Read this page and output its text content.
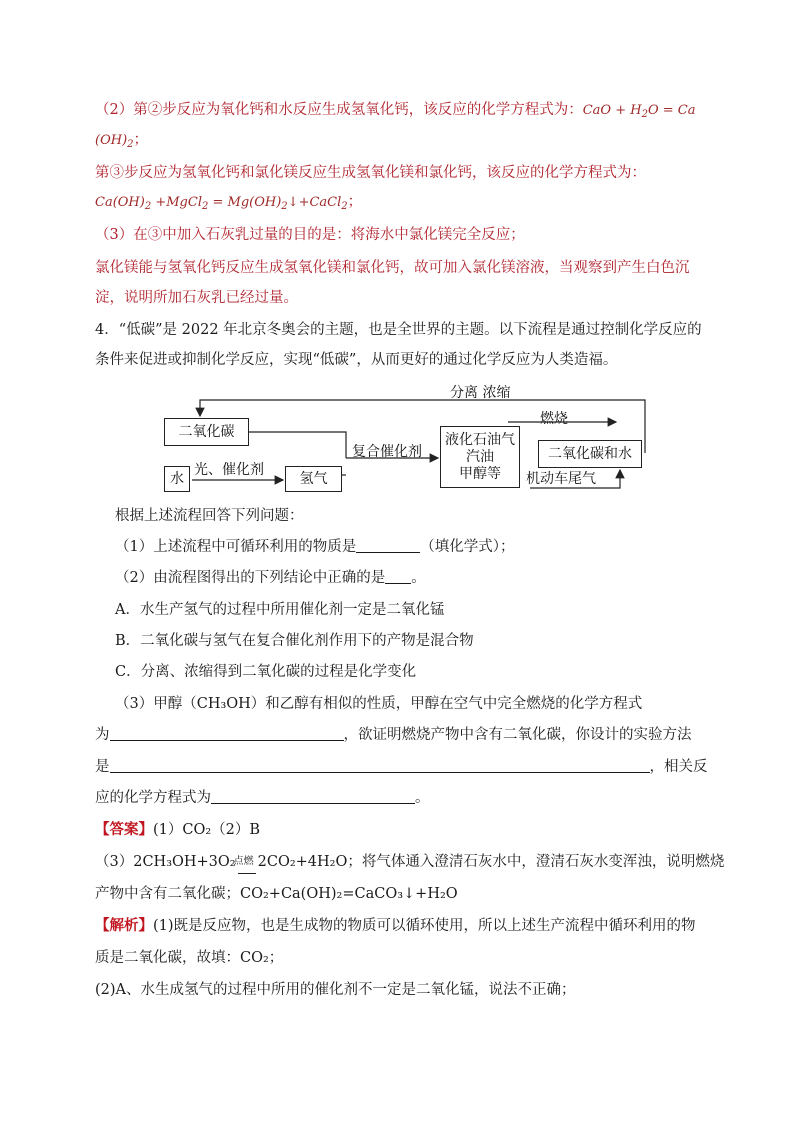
（2）第②步反应为氧化钙和水反应生成氢氧化钙，该反应的化学方程式为：CaO + $H_2O = Ca$
$(OH)_2$；
第③步反应为氢氧化钙和氯化镁反应生成氢氧化镁和氯化钙，该反应的化学方程式为：
$Ca(OH)_2$ +MgCl$_2$ = $Mg(OH)_2↓+CaCl_2$；
（3）在③中加入石灰乳过量的目的是：将海水中氯化镁完全反应；
氯化镁能与氢氧化钙反应生成氢氧化镁和氯化钙，故可加入氯化镁溶液，当观察到产生白色沉
淀，说明所加石灰乳已经过量。
4．“低碳”是 2022 年北京冬奥会的主题，也是全世界的主题。以下流程是通过控制化学反应的
条件来促进或抑制化学反应，实现“低碳”，从而更好的通过化学反应为人类造福。
二氧化碳
水	氢气
光、催化剂
复合催化剂
液化石油气
汽油
甲醇等
二氧化碳和水
分离 浓缩
燃烧
机动车尾气
根据上述流程回答下列问题：
（1）上述流程中可循环利用的物质是	（填化学式）；
（2）由流程图得出的下列结论中正确的是 。
A．水生产氢气的过程中所用催化剂一定是二氧化锰
B．二氧化碳与氢气在复合催化剂作用下的产物是混合物
C．分离、浓缩得到二氧化碳的过程是化学变化
（3）甲醇（CH₃OH）和乙醇有相似的性质，甲醇在空气中完全燃烧的化学方程式
为	，欲证明燃烧产物中含有二氧化碳，你设计的实验方法
是	，相关反
应的化学方程式为	。
【答案】(1）CO₂（2）B
（3）2CH₃OH+3O₂
点燃 2CO₂+4H₂O；将气体通入澄清石灰水中，澄清石灰水变浑浊，说明燃烧
产物中含有二氧化碳；CO₂+Ca(OH)₂=CaCO₃↓+H₂O
【解析】(1)既是反应物，也是生成物的物质可以循环使用，所以上述生产流程中循环利用的物
质是二氧化碳，故填：CO₂；
(2)A、水生成氢气的过程中所用的催化剂不一定是二氧化锰，说法不正确；
